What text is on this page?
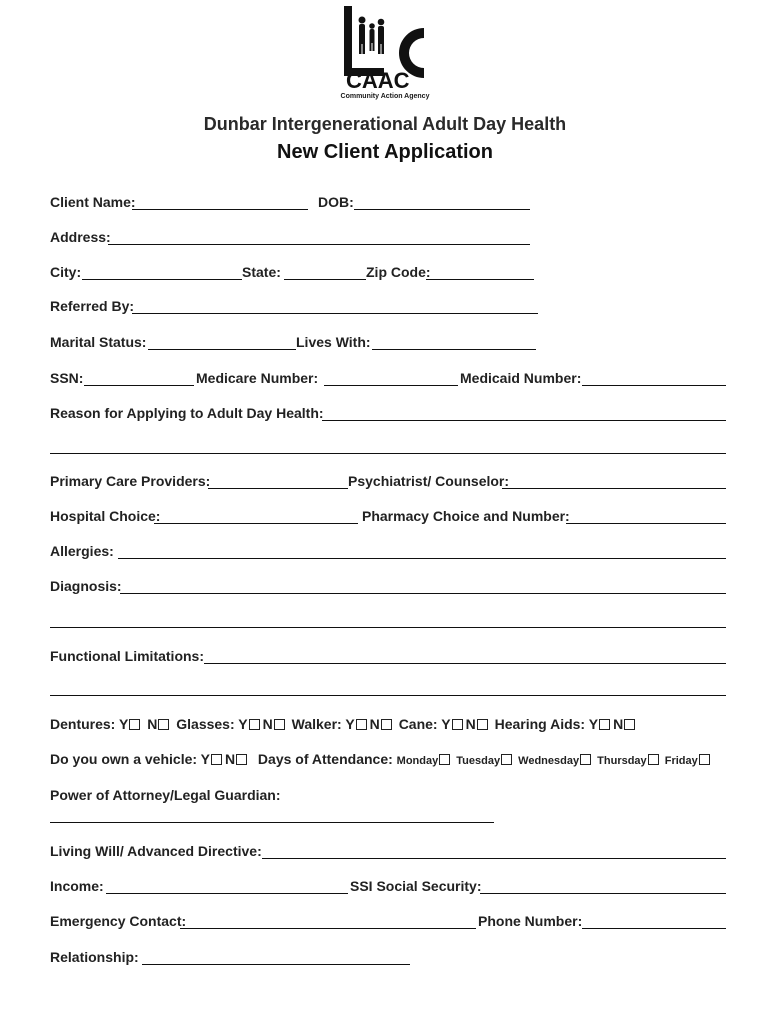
CAAC
Community Action Agency
Dunbar Intergenerational Adult Day Health
New Client Application
Client Name:	DOB:
Address:
City:	State:	Zip Code:
Referred By:
Marital Status:	Lives With:
SSN:	Medicare Number:	Medicaid Number:
Reason for Applying to Adult Day Health:
Primary Care Providers:	Psychiatrist/ Counselor:
Hospital Choice:	Pharmacy Choice and Number:
Allergies:
Diagnosis:
Functional Limitations:
Dentures: Y N Glasses: Y N Walker: Y N Cane: Y N Hearing Aids: Y N
Do you own a vehicle: Y N Days of Attendance: Monday Tuesday Wednesday Thursday Friday
Power of Attorney/Legal Guardian:
Living Will/ Advanced Directive:
Income:	SSI Social Security:
Emergency Contact:	Phone Number:
Relationship:
